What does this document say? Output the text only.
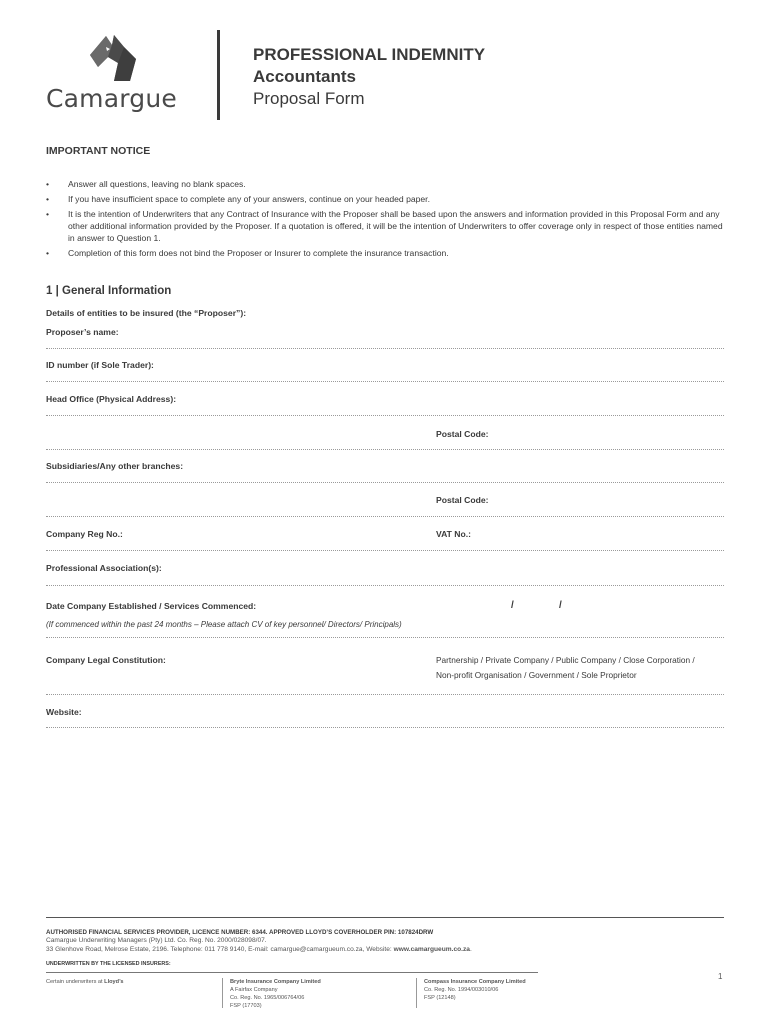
Camargue
PROFESSIONAL INDEMNITY
Accountants
Proposal Form
IMPORTANT NOTICE
• Answer all questions, leaving no blank spaces.
• If you have insufficient space to complete any of your answers, continue on your headed paper.
• It is the intention of Underwriters that any Contract of Insurance with the Proposer shall be based upon the answers and information provided in this Proposal Form and any other additional information provided by the Proposer. If a quotation is offered, it will be the intention of Underwriters to offer coverage only in respect of those entities named in answer to Question 1.
• Completion of this form does not bind the Proposer or Insurer to complete the insurance transaction.
1 | General Information
Details of entities to be insured (the “Proposer”):
Proposer’s name:
ID number (if Sole Trader):
Head Office (Physical Address):
Postal Code:
Subsidiaries/Any other branches:
Postal Code:
Company Reg No.:	VAT No.:
Professional Association(s):
Date Company Established / Services Commenced:	/	/
(If commenced within the past 24 months – Please attach CV of key personnel/ Directors/ Principals)
Company Legal Constitution:	Partnership / Private Company / Public Company / Close Corporation /
Non-profit Organisation / Government / Sole Proprietor
Website:
AUTHORISED FINANCIAL SERVICES PROVIDER, LICENCE NUMBER: 6344. APPROVED LLOYD’S COVERHOLDER PIN: 107824DRW
Camargue Underwriting Managers (Pty) Ltd. Co. Reg. No. 2000/028098/07.
33 Glenhove Road, Melrose Estate, 2196. Telephone: 011 778 9140, E-mail: camargue@camargueum.co.za, Website: www.camargueum.co.za.
UNDERWRITTEN BY THE LICENSED INSURERS:
Certain underwriters at Lloyd’s	Bryte Insurance Company Limited
A Fairfax Company
Co. Reg. No. 1965/006764/06
FSP (17703)
Compass Insurance Company Limited
Co. Reg. No. 1994/003010/06
FSP (12148)
1
